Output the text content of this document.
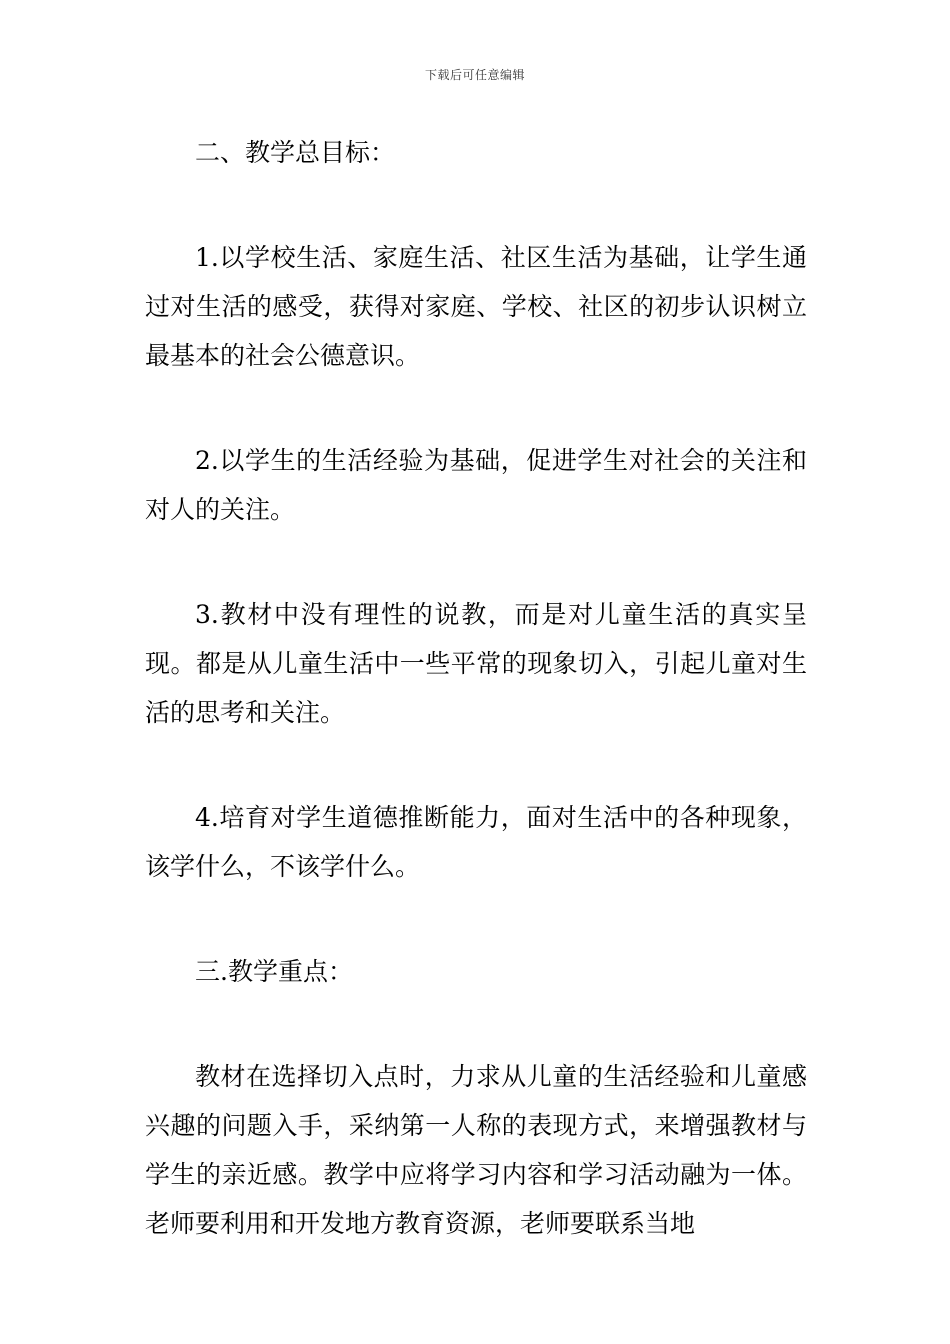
下载后可任意编辑

二、教学总目标：

1.以学校生活、家庭生活、社区生活为基础，让学生通过对生活的感受，获得对家庭、学校、社区的初步认识树立最基本的社会公德意识。

2.以学生的生活经验为基础，促进学生对社会的关注和对人的关注。

3.教材中没有理性的说教，而是对儿童生活的真实呈现。都是从儿童生活中一些平常的现象切入，引起儿童对生活的思考和关注。

4.培育对学生道德推断能力，面对生活中的各种现象，该学什么，不该学什么。

三.教学重点：

教材在选择切入点时，力求从儿童的生活经验和儿童感兴趣的问题入手，采纳第一人称的表现方式，来增强教材与学生的亲近感。教学中应将学习内容和学习活动融为一体。老师要利用和开发地方教育资源，老师要联系当地
